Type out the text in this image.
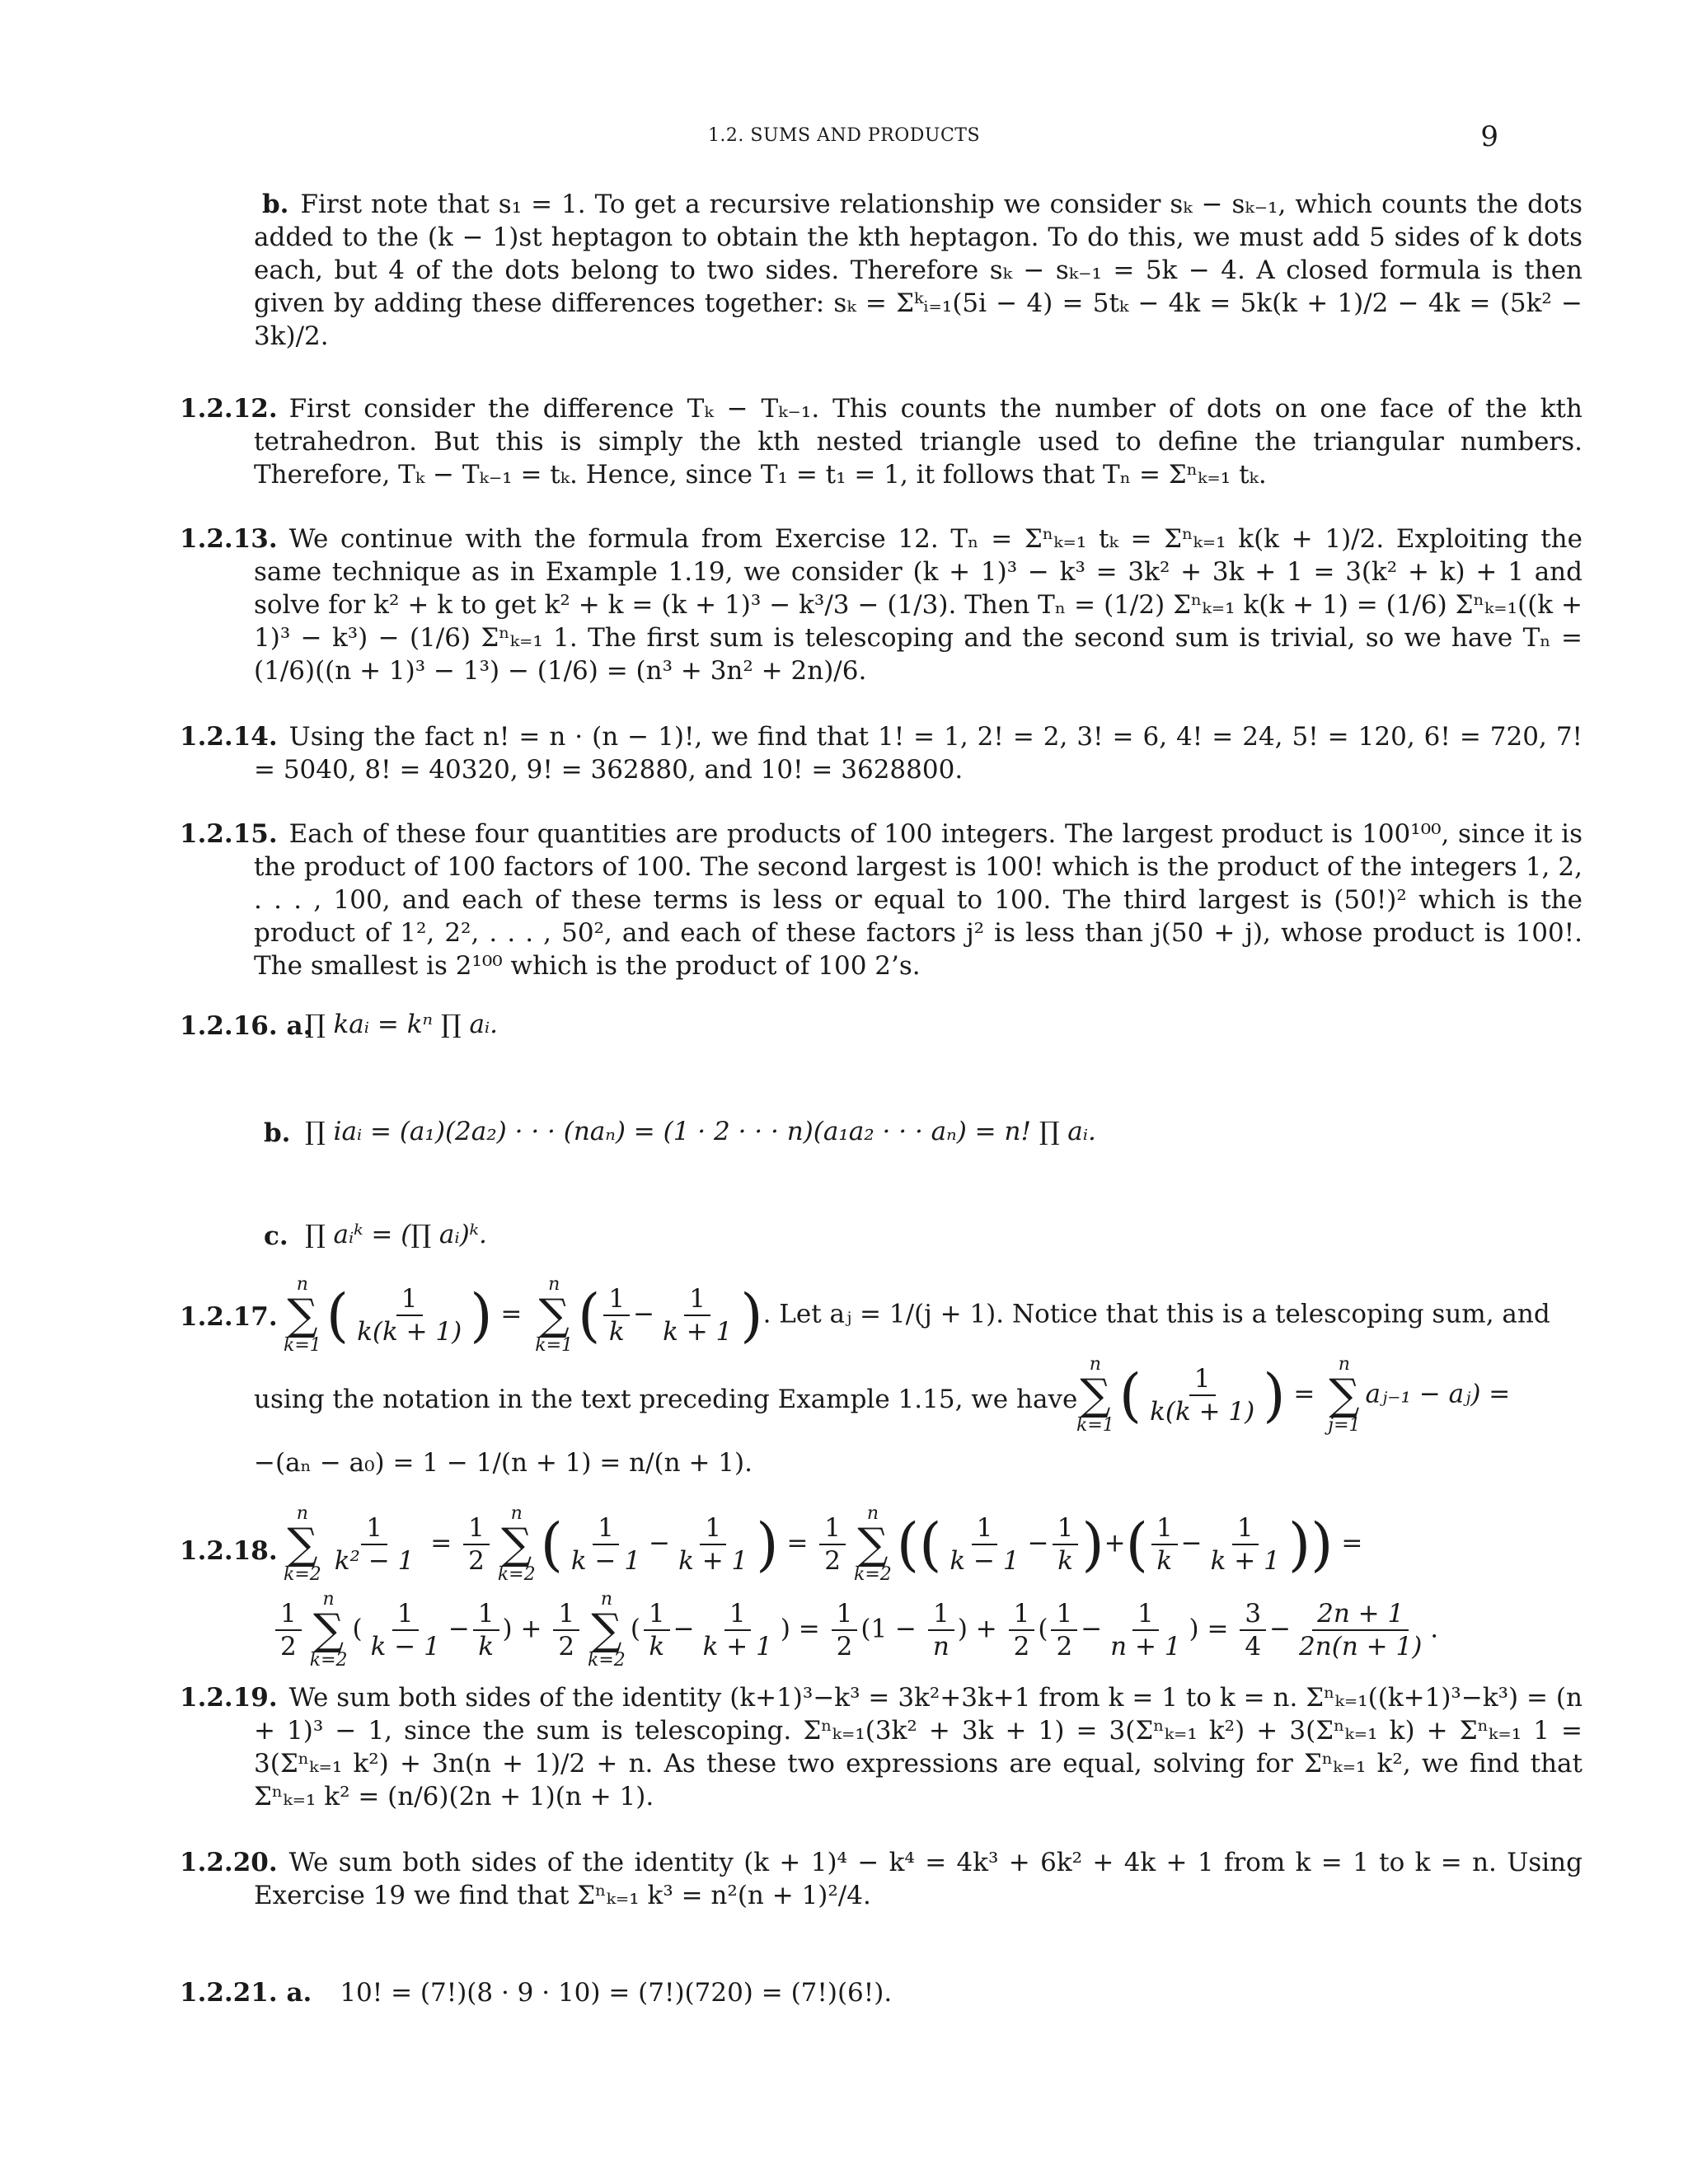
1.2. SUMS AND PRODUCTS	9
b. First note that s₁ = 1. To get a recursive relationship we consider sₖ − sₖ₋₁, which counts the dots added to the (k − 1)st heptagon to obtain the kth heptagon. To do this, we must add 5 sides of k dots each, but 4 of the dots belong to two sides. Therefore sₖ − sₖ₋₁ = 5k − 4. A closed formula is then given by adding these differences together: sₖ = Σᵏᵢ₌₁(5i − 4) = 5tₖ − 4k = 5k(k + 1)/2 − 4k = (5k² − 3k)/2.
1.2.12. First consider the difference Tₖ − Tₖ₋₁. This counts the number of dots on one face of the kth tetrahedron. But this is simply the kth nested triangle used to define the triangular numbers. Therefore, Tₖ − Tₖ₋₁ = tₖ. Hence, since T₁ = t₁ = 1, it follows that Tₙ = Σⁿₖ₌₁ tₖ.
1.2.13. We continue with the formula from Exercise 12. Tₙ = Σⁿₖ₌₁ tₖ = Σⁿₖ₌₁ k(k + 1)/2. Exploiting the same technique as in Example 1.19, we consider (k + 1)³ − k³ = 3k² + 3k + 1 = 3(k² + k) + 1 and solve for k² + k to get k² + k = (k + 1)³ − k³/3 − (1/3). Then Tₙ = (1/2) Σⁿₖ₌₁ k(k + 1) = (1/6) Σⁿₖ₌₁((k + 1)³ − k³) − (1/6) Σⁿₖ₌₁ 1. The first sum is telescoping and the second sum is trivial, so we have Tₙ = (1/6)((n + 1)³ − 1³) − (1/6) = (n³ + 3n² + 2n)/6.
1.2.14. Using the fact n! = n · (n − 1)!, we find that 1! = 1, 2! = 2, 3! = 6, 4! = 24, 5! = 120, 6! = 720, 7! = 5040, 8! = 40320, 9! = 362880, and 10! = 3628800.
1.2.15. Each of these four quantities are products of 100 integers. The largest product is 100¹⁰⁰, since it is the product of 100 factors of 100. The second largest is 100! which is the product of the integers 1, 2, . . . , 100, and each of these terms is less or equal to 100. The third largest is (50!)² which is the product of 1², 2², . . . , 50², and each of these factors j² is less than j(50 + j), whose product is 100!. The smallest is 2¹⁰⁰ which is the product of 100 2’s.
1.2.16. a.
∏ kaᵢ = kⁿ ∏ aᵢ.
b. ∏ iaᵢ = (a₁)(2a₂) · · · (naₙ) = (1 · 2 · · · n)(a₁a₂ · · · aₙ) = n! ∏ aᵢ.
c. ∏ aᵢᵏ = (∏ aᵢ)ᵏ.
1.2.17.
n
∑
k=1 ( $\frac{1}{k(k + 1)}$ ) =
n
∑
k=1 ( $\frac{1}{k} - \frac{1}{k + 1}$ ). Let aⱼ = 1/(j + 1). Notice that this is a telescoping sum, and
using the notation in the text preceding Example 1.15, we have
n
∑
k=1 ( $\frac{1}{k(k + 1)}$ ) =
n
∑
j=1
aⱼ₋₁ − aⱼ) =
−(aₙ − a₀) = 1 − 1/(n + 1) = n/(n + 1).
1.2.18.
n
∑
$k=2 \frac{1}{\text{k² − 1}} = \frac{1}{2}$
n
∑
k=2 ( $\frac{1}{k - 1} - \frac{1}{k + 1}$ ) = $\frac{1}{2}$
n
∑
k=2 (( $\frac{1}{k - 1} - \frac{1}{k}$ )+( $\frac{1}{k} - \frac{1}{k + 1}$ )) =
$\frac{1}{2}$
n
∑
k=2
( $\frac{1}{k - 1} - \frac{1}{k}$ ) + $\frac{1}{2}$
n
∑
k=2
( $\frac{1}{k} - \frac{1}{k + 1}$ ) = $\frac{1}{2} (1 - \frac{1}{n}$ ) + $\frac{1}{2}$ ( $\frac{1}{2} - \frac{1}{n + 1}$ ) = $\frac{3}{4} - \frac{2n + 1}{2n(n + 1)}$ .
1.2.19. We sum both sides of the identity (k+1)³−k³ = 3k²+3k+1 from k = 1 to k = n. Σⁿₖ₌₁((k+1)³−k³) = (n + 1)³ − 1, since the sum is telescoping. Σⁿₖ₌₁(3k² + 3k + 1) = 3(Σⁿₖ₌₁ k²) + 3(Σⁿₖ₌₁ k) + Σⁿₖ₌₁ 1 = 3(Σⁿₖ₌₁ k²) + 3n(n + 1)/2 + n. As these two expressions are equal, solving for Σⁿₖ₌₁ k², we find that Σⁿₖ₌₁ k² = (n/6)(2n + 1)(n + 1).
1.2.20. We sum both sides of the identity (k + 1)⁴ − k⁴ = 4k³ + 6k² + 4k + 1 from k = 1 to k = n. Using Exercise 19 we find that Σⁿₖ₌₁ k³ = n²(n + 1)²/4.
1.2.21. a. 10! = (7!)(8 · 9 · 10) = (7!)(720) = (7!)(6!).
